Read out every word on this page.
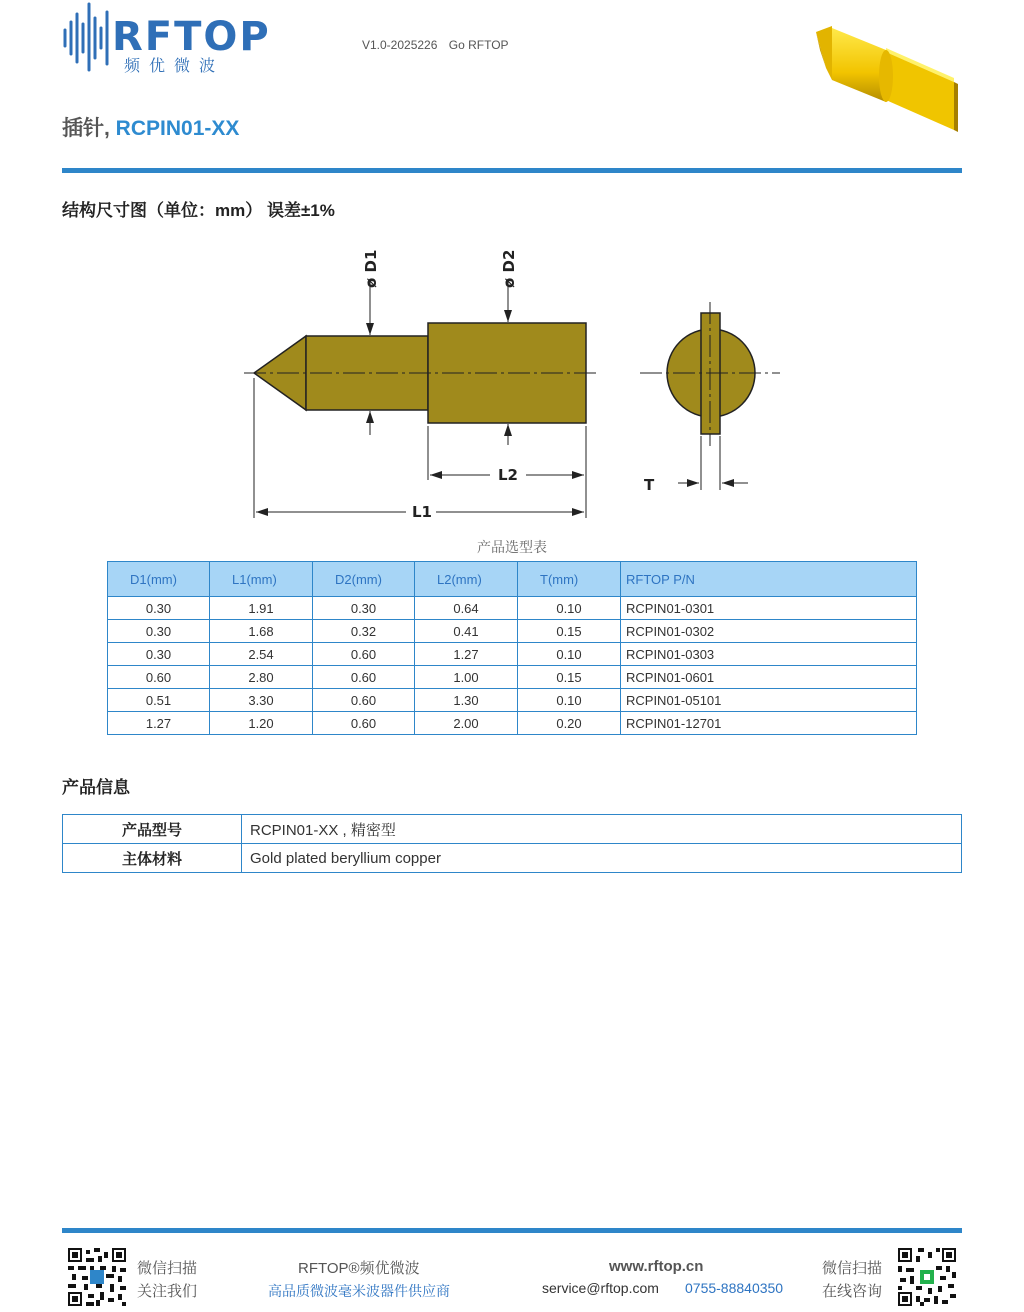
RFTOP
频优微波
V1.0-2025226 Go RFTOP
插针, RCPIN01-XX
结构尺寸图（单位：mm） 误差±1%
ø D1	ø D2
L2
L1
T
产品选型表
D1(mm)	L1(mm)	D2(mm)	L2(mm)	T(mm)	RFTOP P/N
0.30	1.91	0.30	0.64	0.10	RCPIN01-0301
0.30	1.68	0.32	0.41	0.15	RCPIN01-0302
0.30	2.54	0.60	1.27	0.10	RCPIN01-0303
0.60	2.80	0.60	1.00	0.15	RCPIN01-0601
0.51	3.30	0.60	1.30	0.10	RCPIN01-05101
1.27	1.20	0.60	2.00	0.20	RCPIN01-12701
产品信息
产品型号	RCPIN01-XX , 精密型
主体材料	Gold plated beryllium copper
微信扫描
关注我们
RFTOP®频优微波
高品质微波毫米波器件供应商
www.rftop.cn
service@rftop.com 0755-88840350
微信扫描
在线咨询
